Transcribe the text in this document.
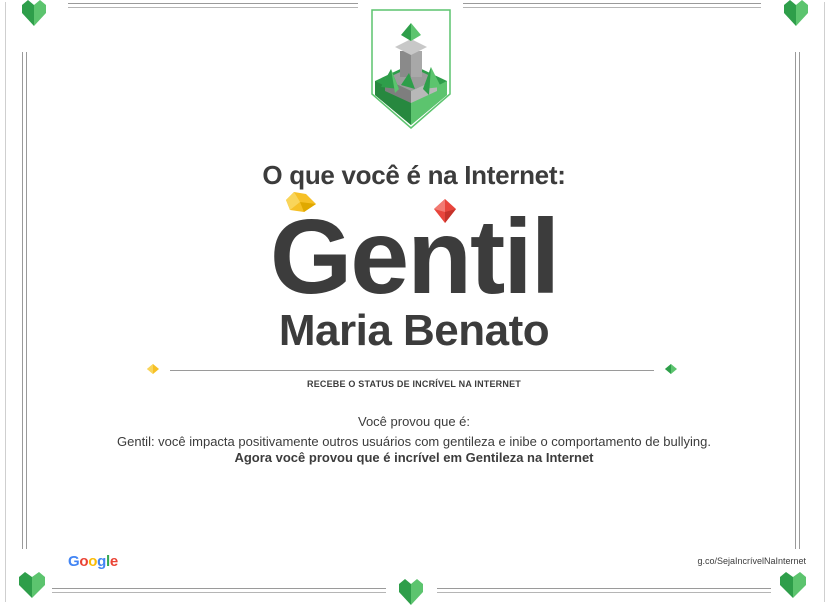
O que você é na Internet:
Gentil
Maria Benato
RECEBE O STATUS DE INCRÍVEL NA INTERNET
Você provou que é:
Gentil: você impacta positivamente outros usuários com gentileza e inibe o comportamento de bullying.
Agora você provou que é incrível em Gentileza na Internet
Google	g.co/SejaIncrívelNaInternet
